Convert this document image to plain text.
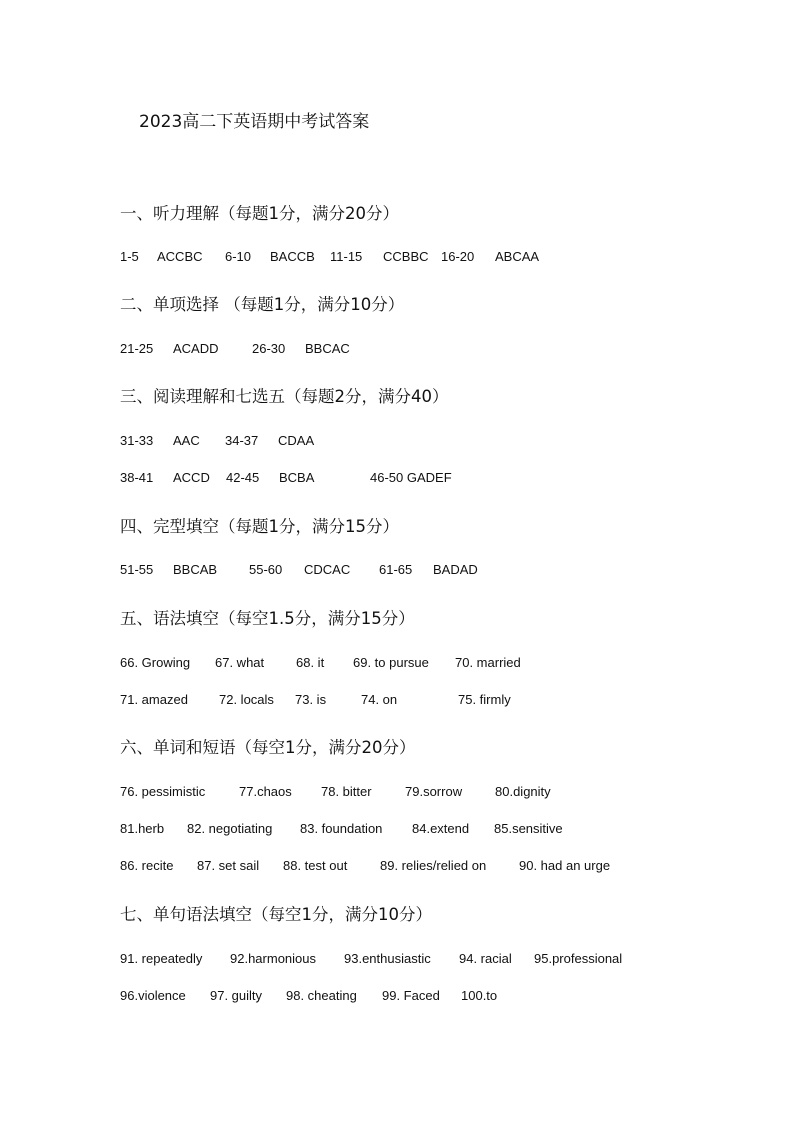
2023高二下英语期中考试答案
一、听力理解（每题1分，满分20分）
1-5 ACCBC 6-10 BACCB 11-15 CCBBC 16-20 ABCAA
二、单项选择 （每题1分，满分10分）
21-25 ACADD	26-30 BBCAC
三、阅读理解和七选五（每题2分，满分40）
31-33 AAC 34-37 CDAA
38-41 ACCD 42-45 BCBA	46-50 GADEF
四、完型填空（每题1分，满分15分）
51-55 BBCAB 55-60 CDCAC 61-65 BADAD
五、语法填空（每空1.5分，满分15分）
66. Growing 67. what 68. it 69. to pursue 70. married
71. amazed 72. locals 73. is	74. on	75. firmly
六、单词和短语（每空1分，满分20分）
76. pessimistic	77.chaos 78. bitter	79.sorrow	80.dignity
81.herb 82. negotiating 83. foundation 84.extend 85.sensitive
86. recite 87. set sail 88. test out	89. relies/relied on	90. had an urge
七、单句语法填空（每空1分，满分10分）
91. repeatedly 92.harmonious 93.enthusiastic 94. racial 95.professional
96.violence 97. guilty 98. cheating 99. Faced 100.to
